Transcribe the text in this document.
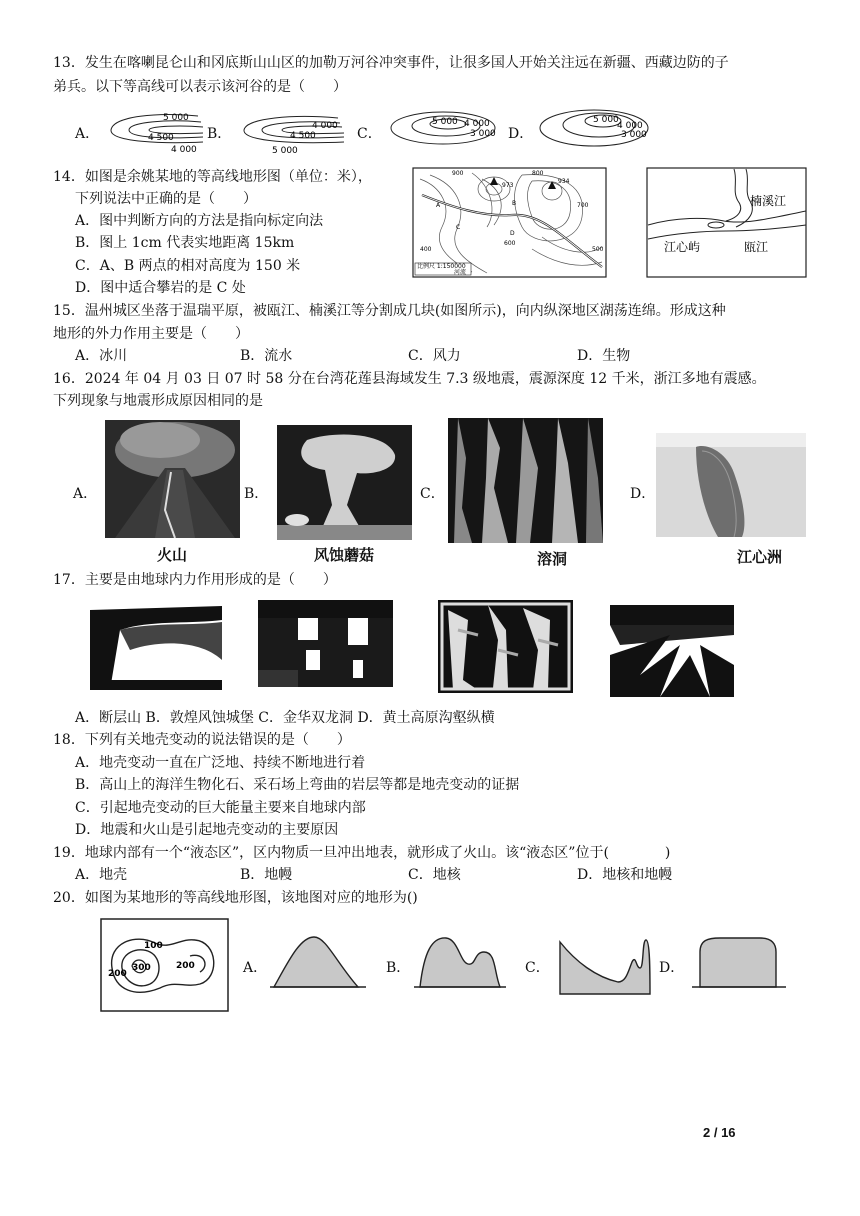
13．发生在喀喇昆仑山和冈底斯山山区的加勒万河谷冲突事件，让很多国人开始关注远在新疆、西藏边防的子
弟兵。以下等高线可以表示该河谷的是（　　）
A．
5 000
4 500
4 000
B．	4 000
4 500
5 000
C．
5 000 4 000
3 000 D．
5 000
4 000
3 000
14．如图是余姚某地的等高线地形图（单位：米），
下列说法中正确的是（　　）
A．图中判断方向的方法是指向标定向法
B．图上 1cm 代表实地距离 15km
C．A、B 两点的相对高度为 150 米
D．图中适合攀岩的是 C 处
900	800
700
600
500
400
973
934
A	B
C
D
比例尺 1:150000
河流
楠溪江
江心屿	瓯江
15．温州城区坐落于温瑞平原，被瓯江、楠溪江等分割成几块(如图所示)，向内纵深地区湖荡连绵。形成这种
地形的外力作用主要是（　　）
A．冰川	B．流水	C．风力	D．生物
16．2024 年 04 月 03 日 07 时 58 分在台湾花莲县海域发生 7.3 级地震，震源深度 12 千米，浙江多地有震感。
下列现象与地震形成原因相同的是
A．
火山
B．
风蚀蘑菇
C．
溶洞
D．
江心洲
17．主要是由地球内力作用形成的是（　　）
A．断层山 B．敦煌风蚀城堡 C．金华双龙洞 D．黄土高原沟壑纵横
18．下列有关地壳变动的说法错误的是（　　）
A．地壳变动一直在广泛地、持续不断地进行着
B．高山上的海洋生物化石、采石场上弯曲的岩层等都是地壳变动的证据
C．引起地壳变动的巨大能量主要来自地球内部
D．地震和火山是引起地壳变动的主要原因
19．地球内部有一个“液态区”，区内物质一旦冲出地表，就形成了火山。该“液态区”位于(　　　　)
A．地壳	B．地幔	C．地核	D．地核和地幔
20．如图为某地形的等高线地形图，该地图对应的地形为()
100
300
200
200	A．	B．	C．	D．
2 / 16
